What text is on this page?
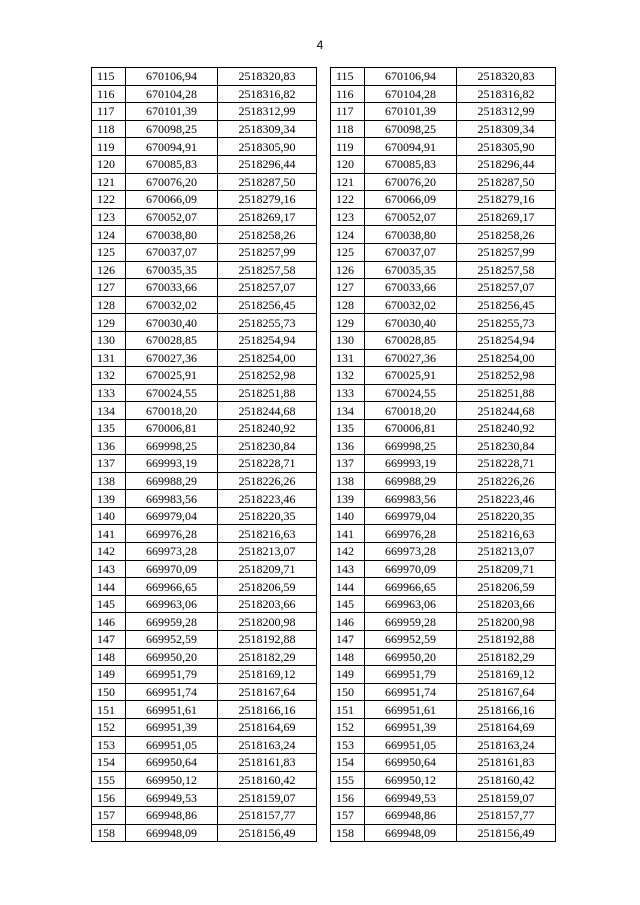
4
115	670106,94	2518320,83
116	670104,28	2518316,82
117	670101,39	2518312,99
118	670098,25	2518309,34
119	670094,91	2518305,90
120	670085,83	2518296,44
121	670076,20	2518287,50
122	670066,09	2518279,16
123	670052,07	2518269,17
124	670038,80	2518258,26
125	670037,07	2518257,99
126	670035,35	2518257,58
127	670033,66	2518257,07
128	670032,02	2518256,45
129	670030,40	2518255,73
130	670028,85	2518254,94
131	670027,36	2518254,00
132	670025,91	2518252,98
133	670024,55	2518251,88
134	670018,20	2518244,68
135	670006,81	2518240,92
136	669998,25	2518230,84
137	669993,19	2518228,71
138	669988,29	2518226,26
139	669983,56	2518223,46
140	669979,04	2518220,35
141	669976,28	2518216,63
142	669973,28	2518213,07
143	669970,09	2518209,71
144	669966,65	2518206,59
145	669963,06	2518203,66
146	669959,28	2518200,98
147	669952,59	2518192,88
148	669950,20	2518182,29
149	669951,79	2518169,12
150	669951,74	2518167,64
151	669951,61	2518166,16
152	669951,39	2518164,69
153	669951,05	2518163,24
154	669950,64	2518161,83
155	669950,12	2518160,42
156	669949,53	2518159,07
157	669948,86	2518157,77
158	669948,09	2518156,49
115	670106,94	2518320,83
116	670104,28	2518316,82
117	670101,39	2518312,99
118	670098,25	2518309,34
119	670094,91	2518305,90
120	670085,83	2518296,44
121	670076,20	2518287,50
122	670066,09	2518279,16
123	670052,07	2518269,17
124	670038,80	2518258,26
125	670037,07	2518257,99
126	670035,35	2518257,58
127	670033,66	2518257,07
128	670032,02	2518256,45
129	670030,40	2518255,73
130	670028,85	2518254,94
131	670027,36	2518254,00
132	670025,91	2518252,98
133	670024,55	2518251,88
134	670018,20	2518244,68
135	670006,81	2518240,92
136	669998,25	2518230,84
137	669993,19	2518228,71
138	669988,29	2518226,26
139	669983,56	2518223,46
140	669979,04	2518220,35
141	669976,28	2518216,63
142	669973,28	2518213,07
143	669970,09	2518209,71
144	669966,65	2518206,59
145	669963,06	2518203,66
146	669959,28	2518200,98
147	669952,59	2518192,88
148	669950,20	2518182,29
149	669951,79	2518169,12
150	669951,74	2518167,64
151	669951,61	2518166,16
152	669951,39	2518164,69
153	669951,05	2518163,24
154	669950,64	2518161,83
155	669950,12	2518160,42
156	669949,53	2518159,07
157	669948,86	2518157,77
158	669948,09	2518156,49
